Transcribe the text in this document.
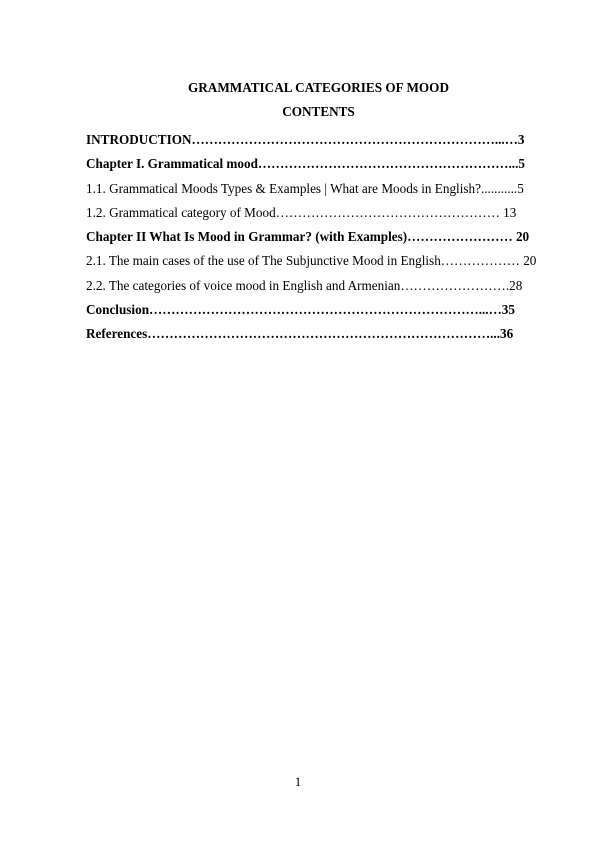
GRAMMATICAL CATEGORIES OF MOOD
CONTENTS
INTRODUCTION……………………………………………………………...…3
Chapter I. Grammatical mood…………………………………………………...5
1.1. Grammatical Moods Types & Examples | What are Moods in English?...........5
1.2. Grammatical category of Mood…………………………………………… 13
Chapter II What Is Mood in Grammar? (with Examples)…………………… 20
2.1. The main cases of the use of The Subjunctive Mood in English……………… 20
2.2. The categories of voice mood in English and Armenian…………………….28
Conclusion…………………………………………………………………...…35
References……………………………………………………………………...36
1
